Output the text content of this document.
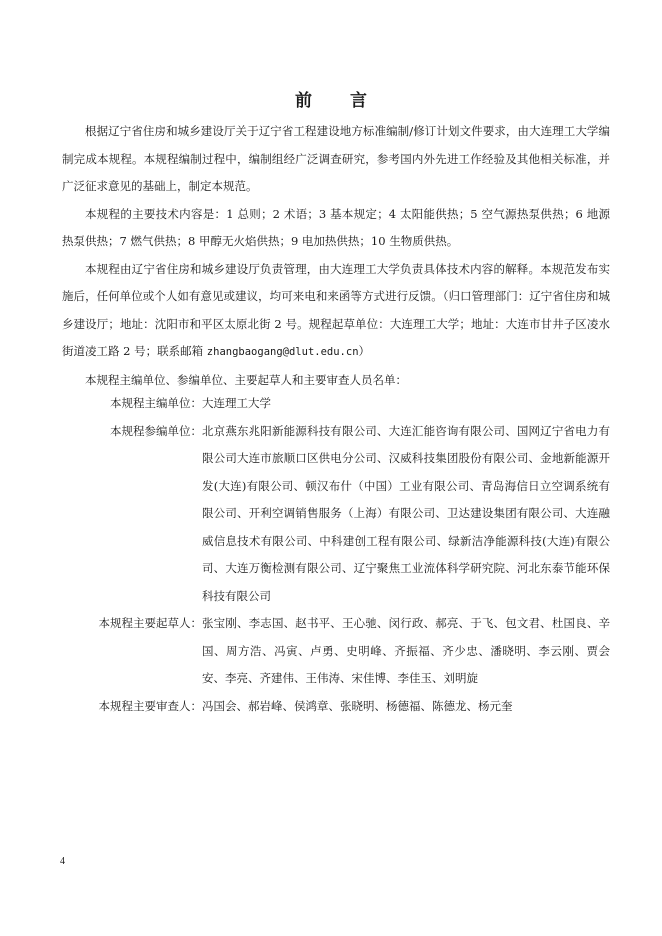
前 言

根据辽宁省住房和城乡建设厅关于辽宁省工程建设地方标准编制/修订计划文件要求，由大连理工大学编制完成本规程。本规程编制过程中，编制组经广泛调查研究，参考国内外先进工作经验及其他相关标准，并广泛征求意见的基础上，制定本规范。

本规程的主要技术内容是：1 总则；2 术语；3 基本规定；4 太阳能供热；5 空气源热泵供热；6 地源热泵供热；7 燃气供热；8 甲醇无火焰供热；9 电加热供热；10 生物质供热。

本规程由辽宁省住房和城乡建设厅负责管理，由大连理工大学负责具体技术内容的解释。本规范发布实施后，任何单位或个人如有意见或建议，均可来电和来函等方式进行反馈。（归口管理部门：辽宁省住房和城乡建设厅；地址：沈阳市和平区太原北街 2 号。规程起草单位：大连理工大学；地址：大连市甘井子区凌水街道凌工路 2 号；联系邮箱 zhangbaogang@dlut.edu.cn）

本规程主编单位、参编单位、主要起草人和主要审查人员名单：

本规程主编单位： 大连理工大学
本规程参编单位： 北京燕东兆阳新能源科技有限公司、大连汇能咨询有限公司、国网辽宁省电力有限公司大连市旅顺口区供电分公司、汉威科技集团股份有限公司、金地新能源开发(大连)有限公司、顿汉布什（中国）工业有限公司、青岛海信日立空调系统有限公司、开利空调销售服务（上海）有限公司、卫达建设集团有限公司、大连融威信息技术有限公司、中科建创工程有限公司、绿新洁净能源科技(大连)有限公司、大连万衡检测有限公司、辽宁聚焦工业流体科学研究院、河北东泰节能环保科技有限公司
本规程主要起草人： 张宝刚、李志国、赵书平、王心驰、闵行政、郝亮、于飞、包文君、杜国良、辛国、周方浩、冯寅、卢勇、史明峰、齐振福、齐少忠、潘晓明、李云刚、贾会安、李亮、齐建伟、王伟涛、宋佳博、李佳玉、刘明旋
本规程主要审查人： 冯国会、郝岩峰、侯鸿章、张晓明、杨德福、陈德龙、杨元奎
4
